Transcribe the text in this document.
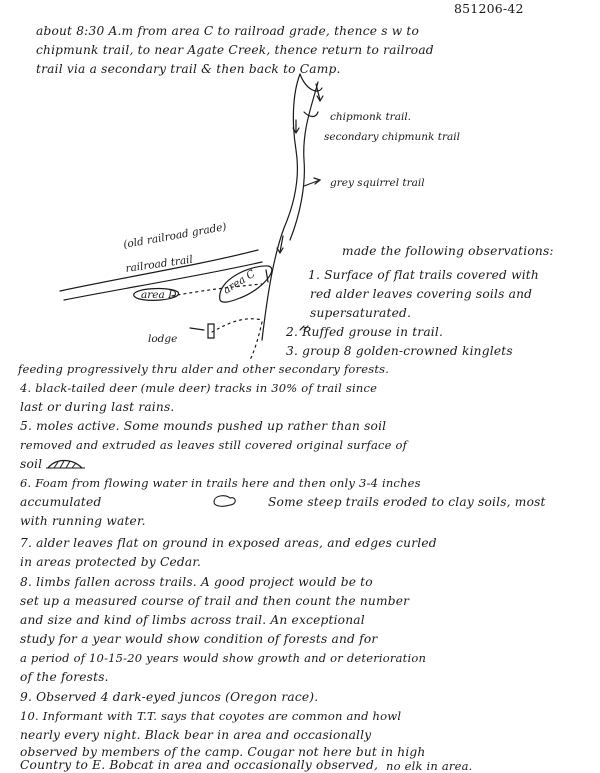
851206-42
about 8:30 A.m from area C to railroad grade, thence s w to
chipmunk trail, to near Agate Creek, thence return to railroad
trail via a secondary trail & then back to Camp.
chipmonk trail.
secondary chipmunk trail
grey squirrel trail
(old railroad grade)
railroad trail
area C
area D
lodge
made the following observations:
1. Surface of flat trails covered with
red alder leaves covering soils and
supersaturated.
2. Ruffed grouse in trail.
3. group 8 golden-crowned kinglets
feeding progressively thru alder and other secondary forests.
4. black-tailed deer (mule deer) tracks in 30% of trail since
last or during last rains.
5. moles active. Some mounds pushed up rather than soil
removed and extruded as leaves still covered original surface of
soil
6. Foam from flowing water in trails here and then only 3-4 inches
accumulated	Some steep trails eroded to clay soils, most
with running water.
7. alder leaves flat on ground in exposed areas, and edges curled
in areas protected by Cedar.
8. limbs fallen across trails. A good project would be to
set up a measured course of trail and then count the number
and size and kind of limbs across trail. An exceptional
study for a year would show condition of forests and for
a period of 10-15-20 years would show growth and or deterioration
of the forests.
9. Observed 4 dark-eyed juncos (Oregon race).
10. Informant with T.T. says that coyotes are common and howl
nearly every night. Black bear in area and occasionally
observed by members of the camp. Cougar not here but in high
Country to E. Bobcat in area and occasionally observed, no elk in area.
